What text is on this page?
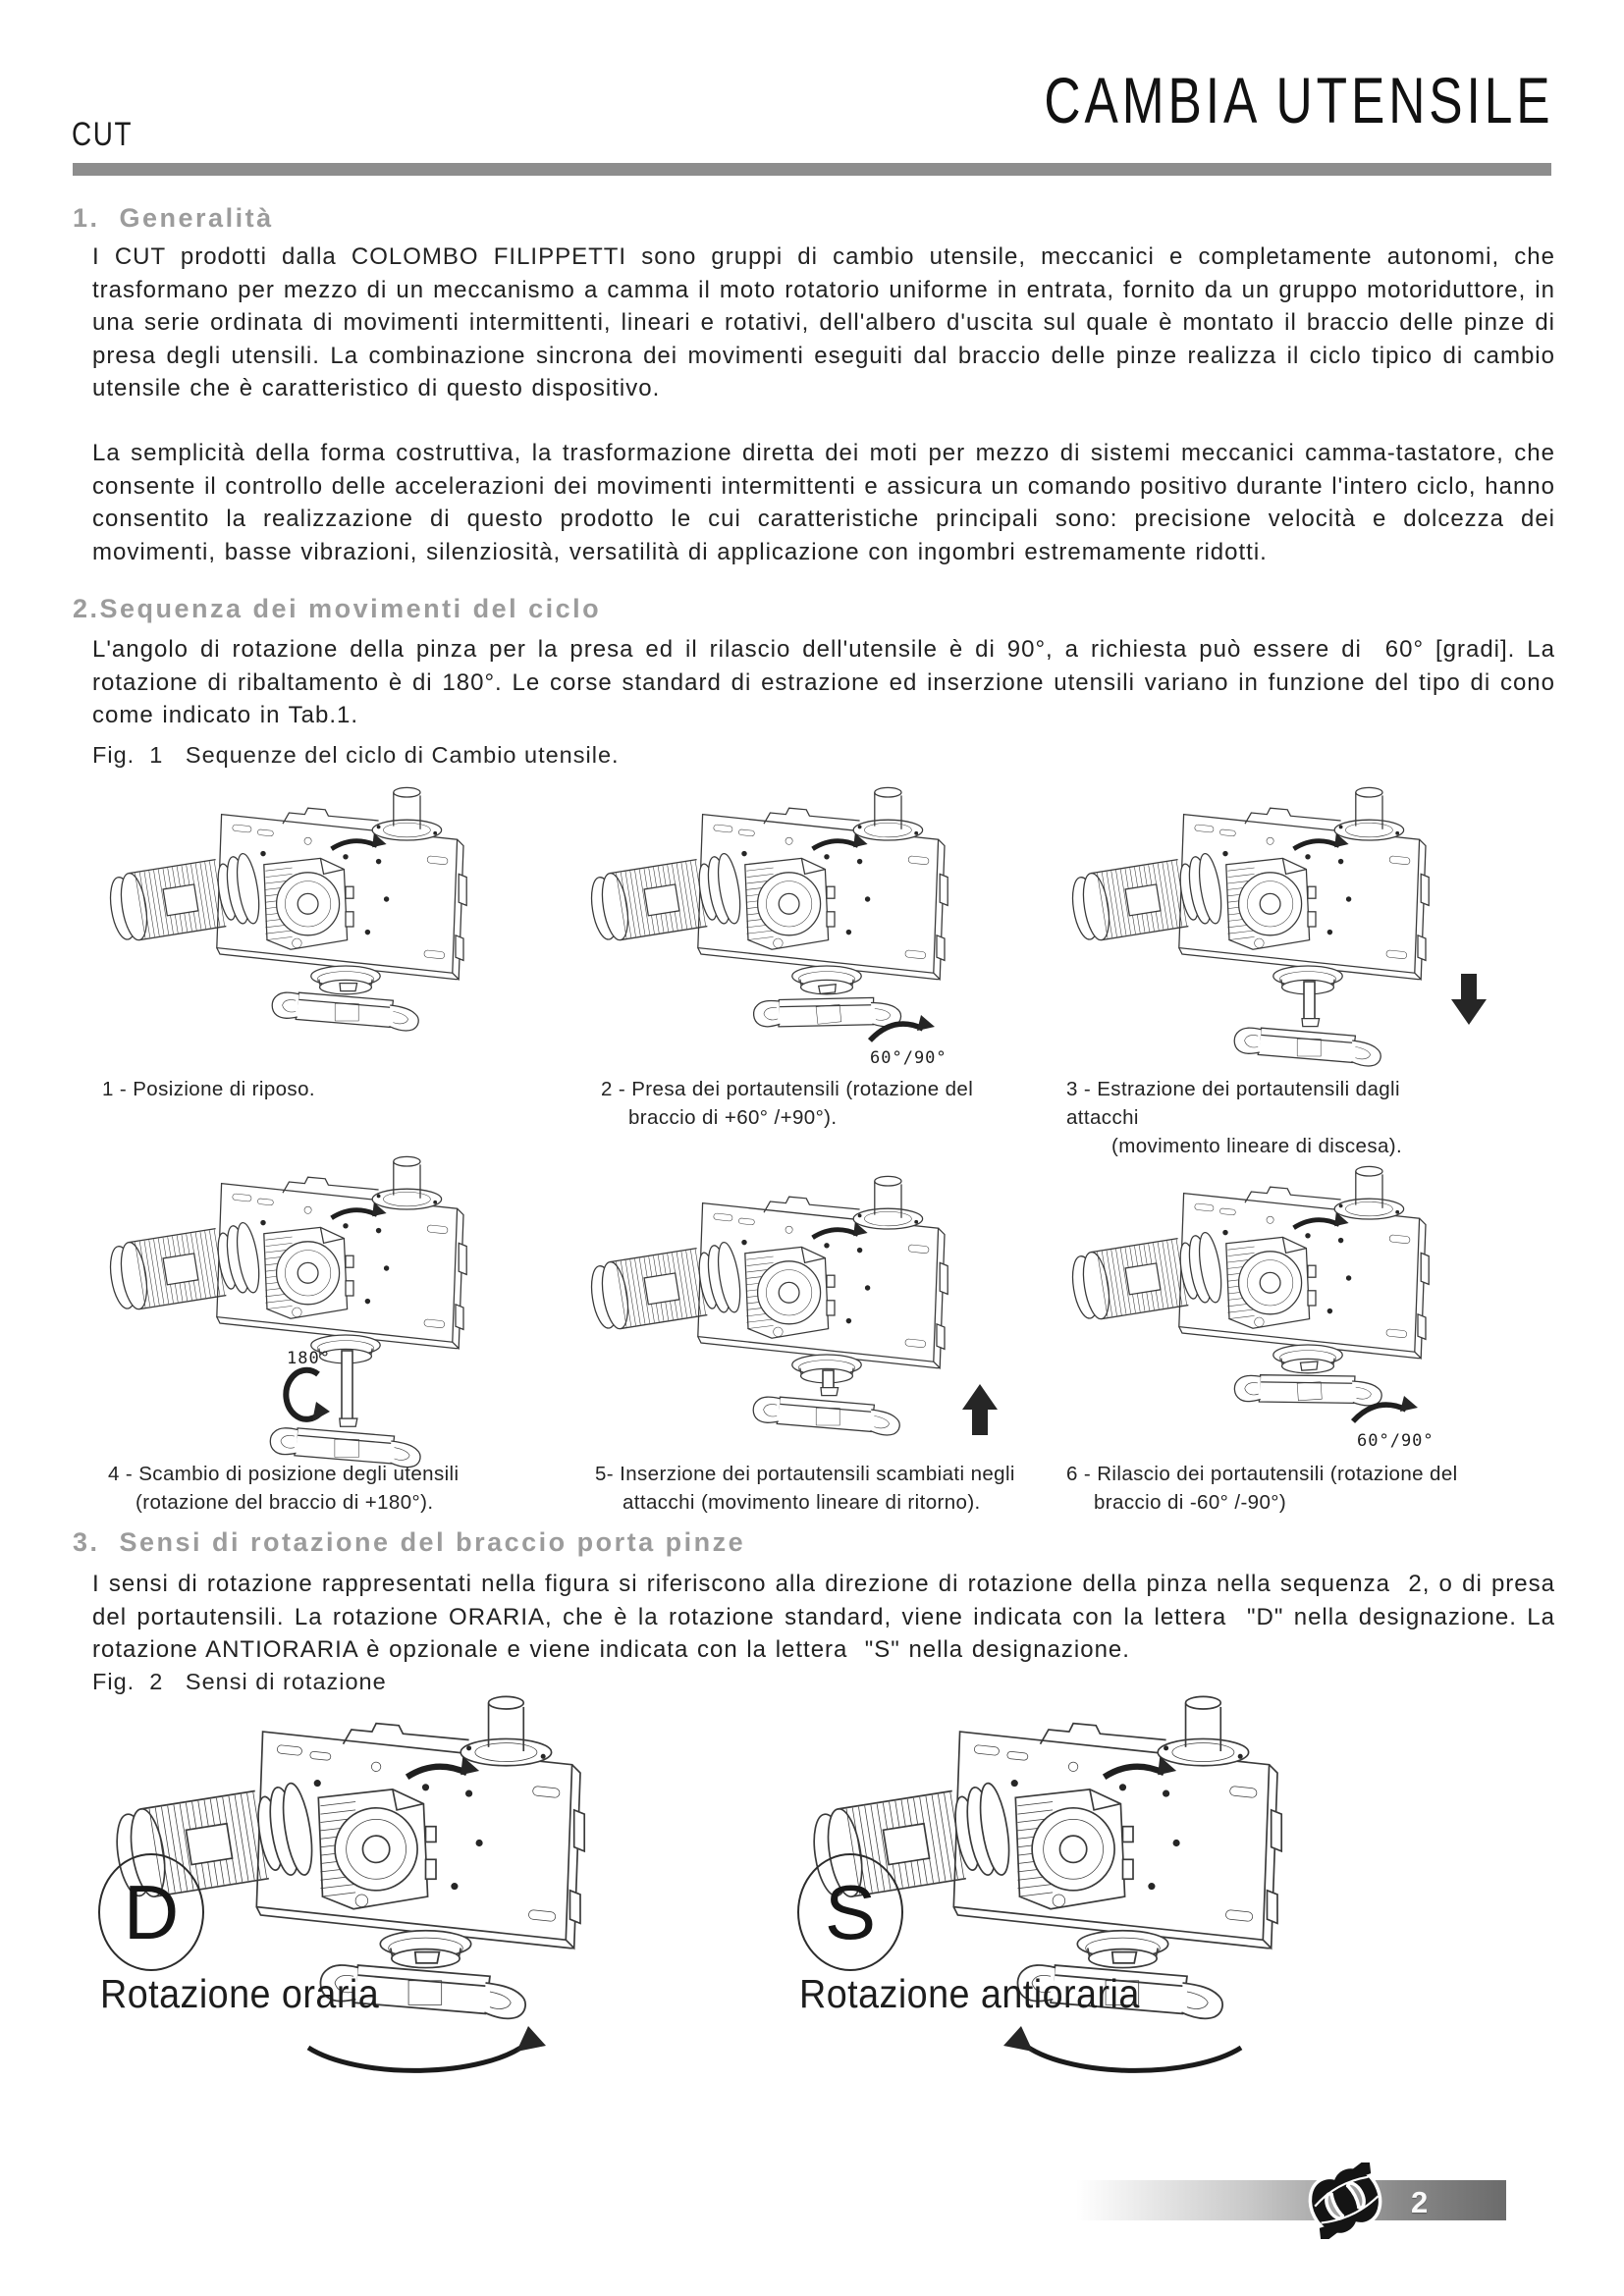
CUT	CAMBIA UTENSILE
1.  Generalità
I CUT prodotti dalla COLOMBO FILIPPETTI sono gruppi di cambio utensile, meccanici e completamente autonomi, che trasformano per mezzo di un meccanismo a camma il moto rotatorio uniforme in entrata, fornito da un gruppo motoriduttore, in una serie ordinata di movimenti intermittenti, lineari e rotativi, dell'albero d'uscita sul quale è montato il braccio delle pinze di presa degli utensili. La combinazione sincrona dei movimenti eseguiti dal braccio delle pinze realizza il ciclo tipico di cambio utensile che è caratteristico di questo dispositivo.
La semplicità della forma costruttiva, la trasformazione diretta dei moti per mezzo di sistemi meccanici camma-tastatore, che consente il controllo delle accelerazioni dei movimenti intermittenti e assicura un comando positivo durante l'intero ciclo, hanno consentito la realizzazione di questo prodotto le cui caratteristiche principali sono: precisione velocità e dolcezza dei movimenti, basse vibrazioni, silenziosità, versatilità di applicazione con ingombri estremamente ridotti.
2.Sequenza dei movimenti del ciclo
L'angolo di rotazione della pinza per la presa ed il rilascio dell'utensile è di 90°, a richiesta può essere di  60° [gradi]. La rotazione di ribaltamento è di 180°. Le corse standard di estrazione ed inserzione utensili variano in funzione del tipo di cono come indicato in Tab.1.
Fig.  1   Sequenze del ciclo di Cambio utensile.
60°/90°
180°
60°/90°
1 - Posizione di riposo.	2 - Presa dei portautensili (rotazione del
braccio di +60° /+90°).
3 - Estrazione dei portautensili dagli
attacchi
(movimento lineare di discesa).
4 - Scambio di posizione degli utensili
(rotazione del braccio di +180°).
5- Inserzione dei portautensili scambiati negli
attacchi (movimento lineare di ritorno).
6 - Rilascio dei portautensili (rotazione del
braccio di -60° /-90°)
3.  Sensi di rotazione del braccio porta pinze
I sensi di rotazione rappresentati nella figura si riferiscono alla direzione di rotazione della pinza nella sequenza  2, o di presa del portautensili. La rotazione ORARIA, che è la rotazione standard, viene indicata con la lettera  "D" nella designazione. La rotazione ANTIORARIA è opzionale e viene indicata con la lettera  "S" nella designazione.
Fig.  2   Sensi di rotazione
D
Rotazione oraria
S
Rotazione antioraria
2
